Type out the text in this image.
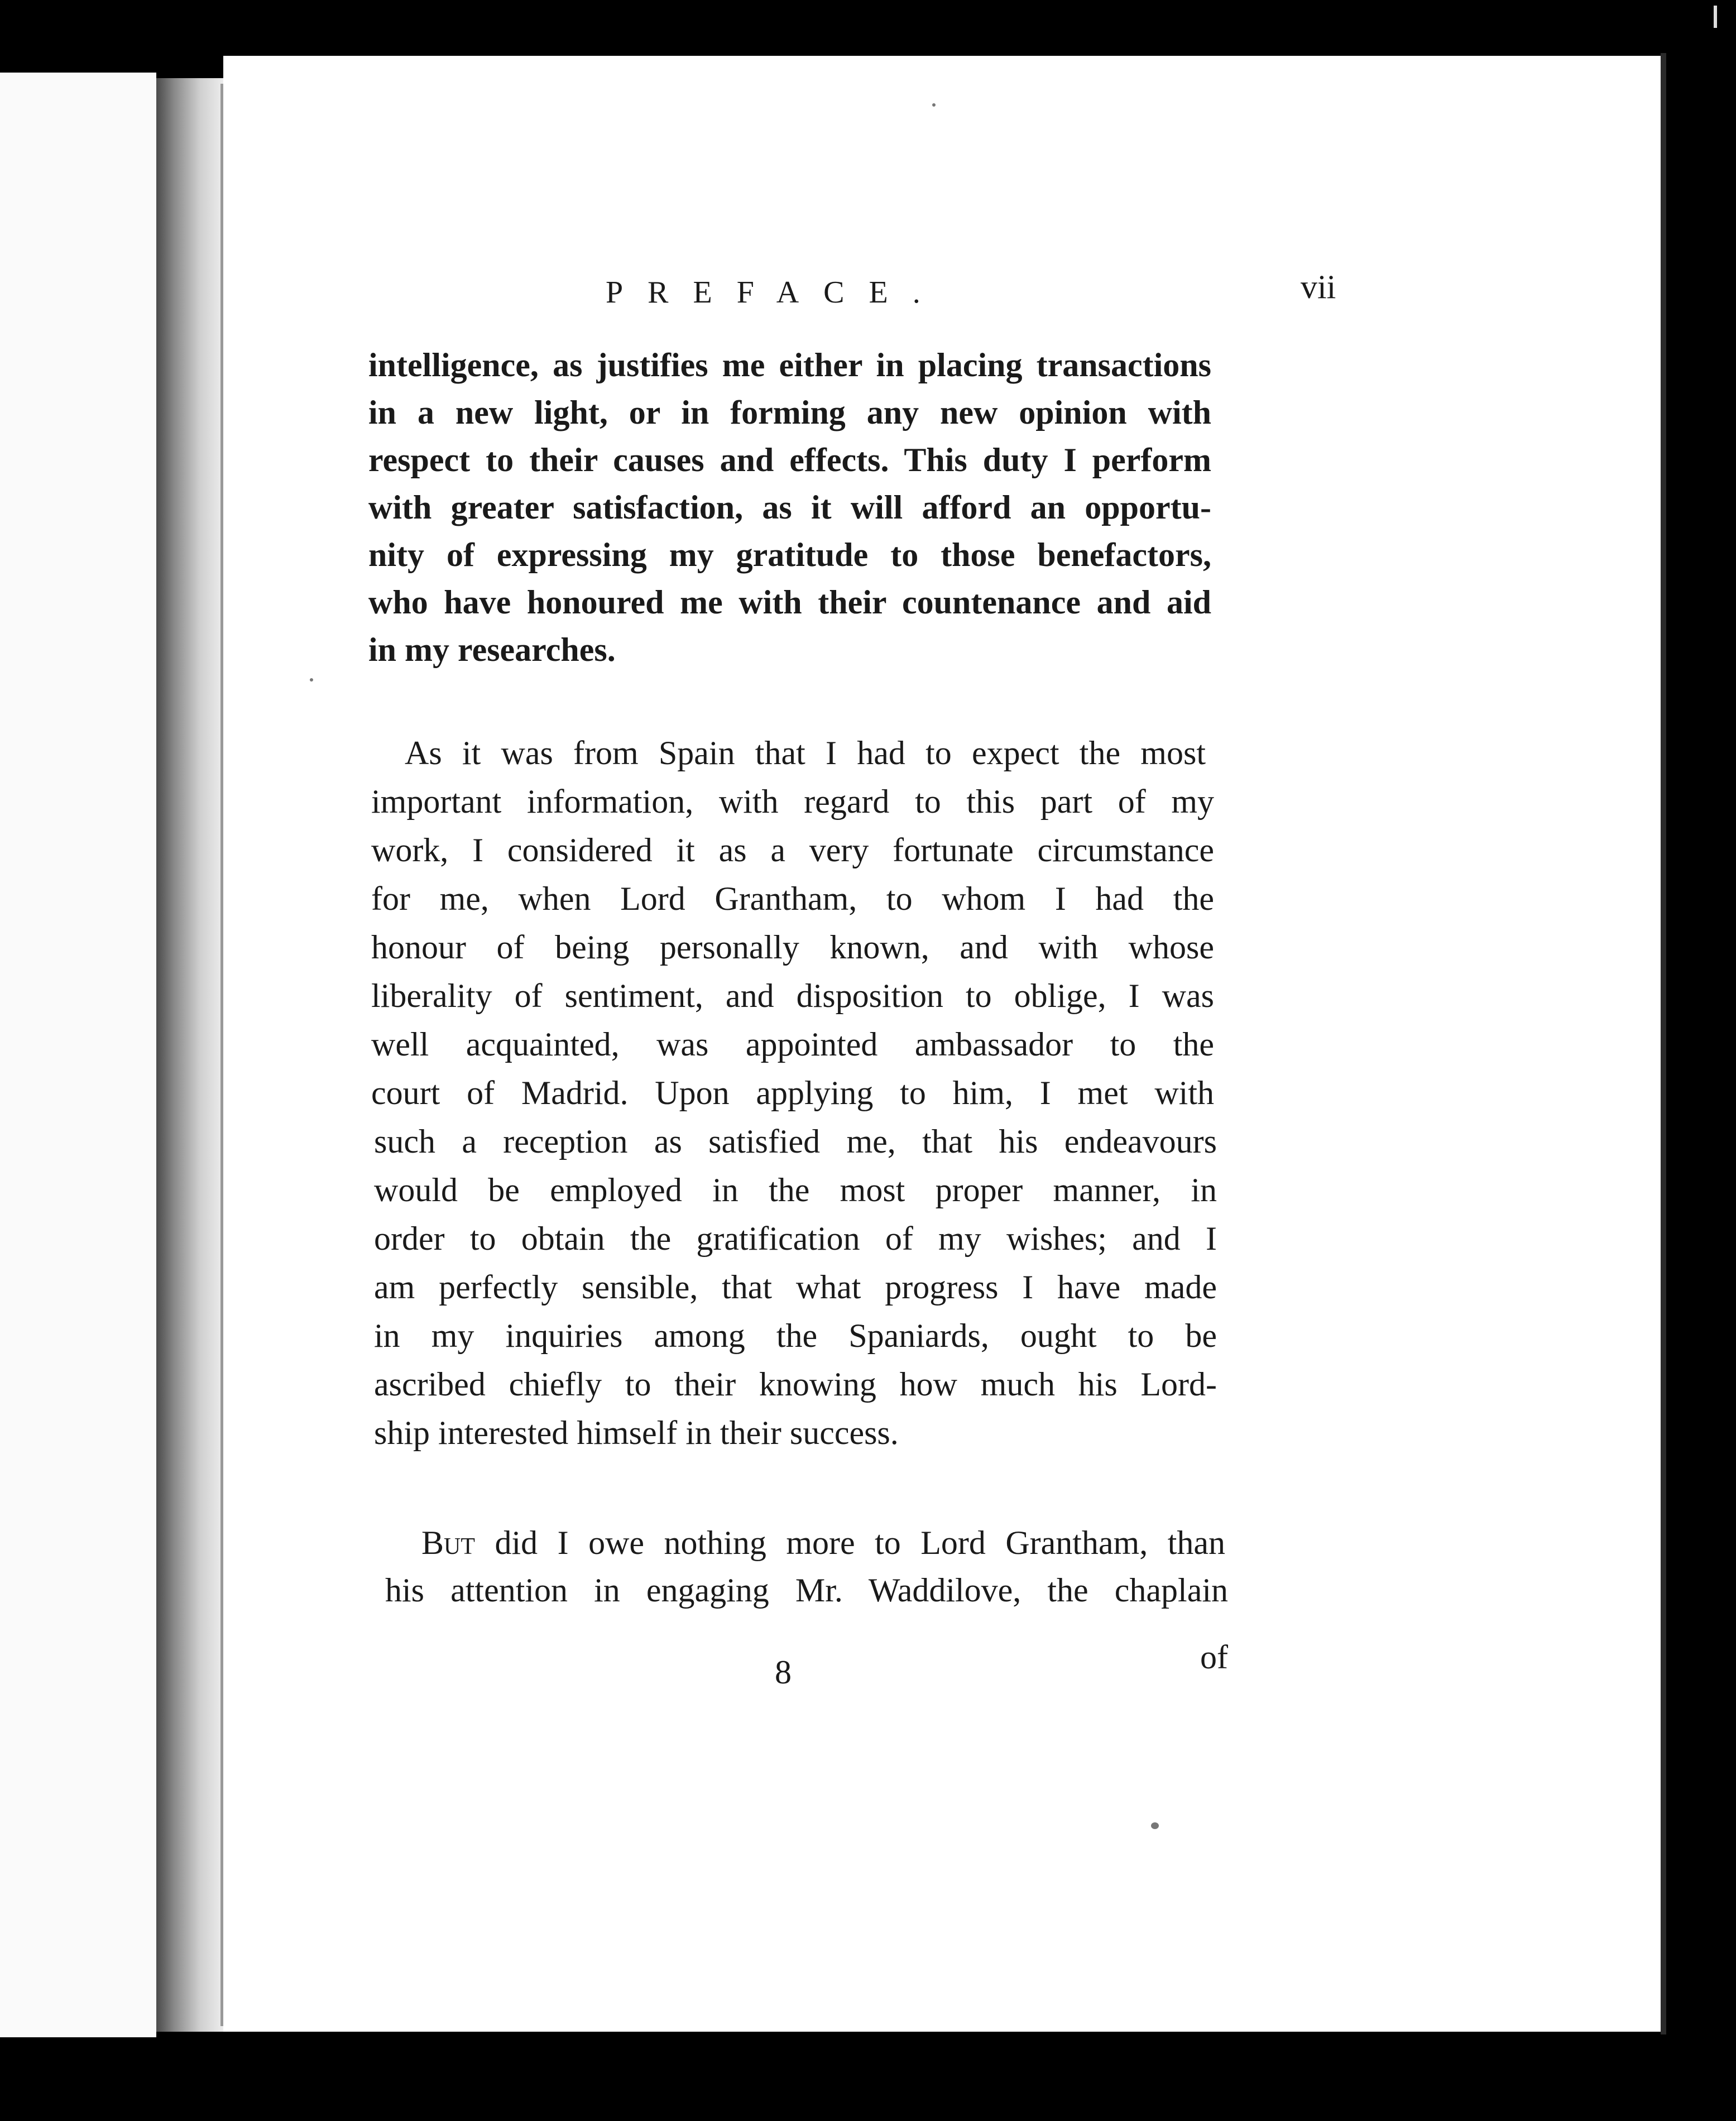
PREFACE.	vii
intelligence, as justifies me either in placing transactions
in a new light, or in forming any new opinion with
respect to their causes and effects. This duty I perform
with greater satisfaction, as it will afford an opportu-
nity of expressing my gratitude to those benefactors,
who have honoured me with their countenance and aid
in my researches.
As it was from Spain that I had to expect the most
important information, with regard to this part of my
work, I considered it as a very fortunate circumstance
for me, when Lord Grantham, to whom I had the
honour of being personally known, and with whose
liberality of sentiment, and disposition to oblige, I was
well acquainted, was appointed ambassador to the
court of Madrid. Upon applying to him, I met with
such a reception as satisfied me, that his endeavours
would be employed in the most proper manner, in
order to obtain the gratification of my wishes; and I
am perfectly sensible, that what progress I have made
in my inquiries among the Spaniards, ought to be
ascribed chiefly to their knowing how much his Lord-
ship interested himself in their success.
But did I owe nothing more to Lord Grantham, than
his attention in engaging Mr. Waddilove, the chaplain
8	of
